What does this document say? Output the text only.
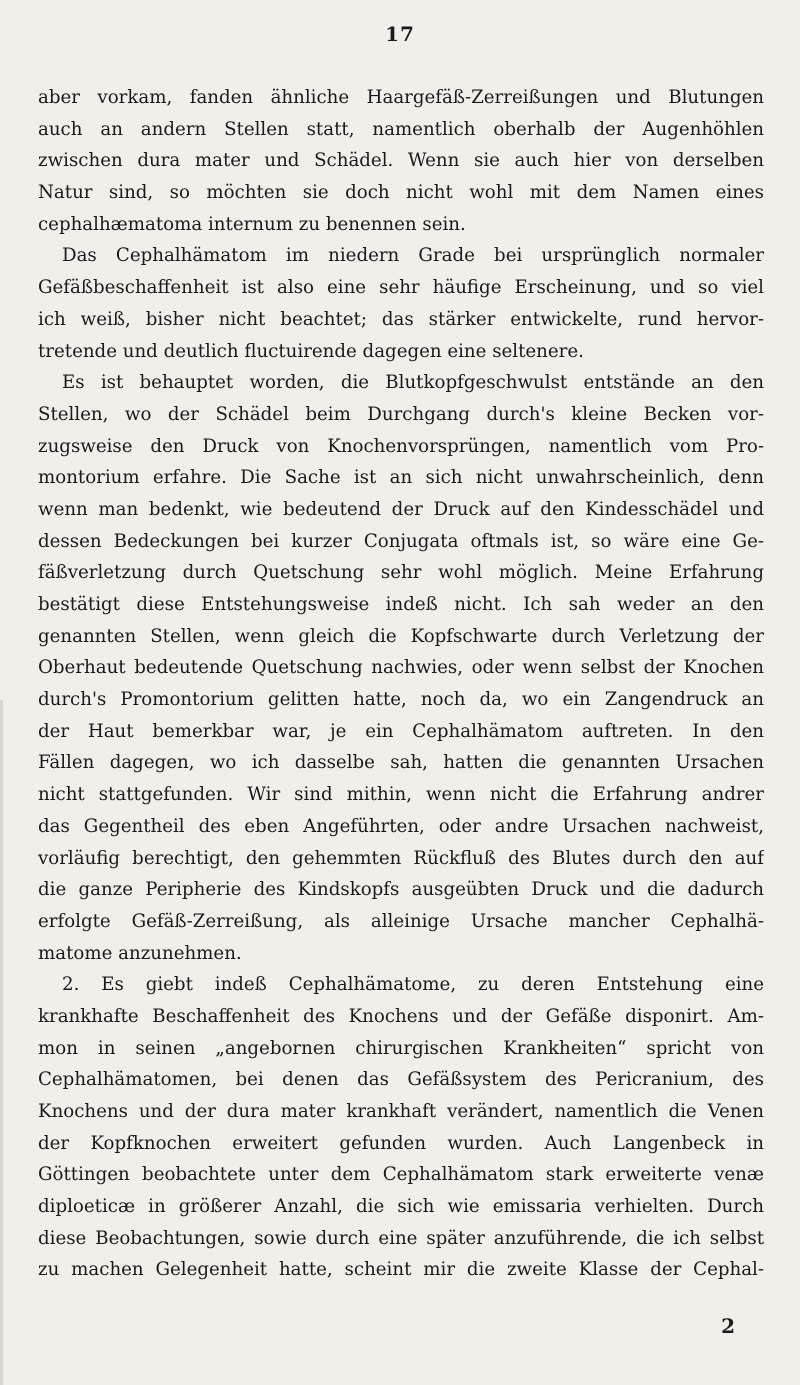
17
aber vorkam, fanden ähnliche Haargefäß-Zerreißungen und Blutungen
auch an andern Stellen statt, namentlich oberhalb der Augenhöhlen
zwischen dura mater und Schädel. Wenn sie auch hier von derselben
Natur sind, so möchten sie doch nicht wohl mit dem Namen eines
cephalhæmatoma internum zu benennen sein.
Das Cephalhämatom im niedern Grade bei ursprünglich normaler
Gefäßbeschaffenheit ist also eine sehr häufige Erscheinung, und so viel
ich weiß, bisher nicht beachtet; das stärker entwickelte, rund hervor-
tretende und deutlich fluctuirende dagegen eine seltenere.
Es ist behauptet worden, die Blutkopfgeschwulst entstände an den
Stellen, wo der Schädel beim Durchgang durch's kleine Becken vor-
zugsweise den Druck von Knochenvorsprüngen, namentlich vom Pro-
montorium erfahre. Die Sache ist an sich nicht unwahrscheinlich, denn
wenn man bedenkt, wie bedeutend der Druck auf den Kindesschädel und
dessen Bedeckungen bei kurzer Conjugata oftmals ist, so wäre eine Ge-
fäßverletzung durch Quetschung sehr wohl möglich. Meine Erfahrung
bestätigt diese Entstehungsweise indeß nicht. Ich sah weder an den
genannten Stellen, wenn gleich die Kopfschwarte durch Verletzung der
Oberhaut bedeutende Quetschung nachwies, oder wenn selbst der Knochen
durch's Promontorium gelitten hatte, noch da, wo ein Zangendruck an
der Haut bemerkbar war, je ein Cephalhämatom auftreten. In den
Fällen dagegen, wo ich dasselbe sah, hatten die genannten Ursachen
nicht stattgefunden. Wir sind mithin, wenn nicht die Erfahrung andrer
das Gegentheil des eben Angeführten, oder andre Ursachen nachweist,
vorläufig berechtigt, den gehemmten Rückfluß des Blutes durch den auf
die ganze Peripherie des Kindskopfs ausgeübten Druck und die dadurch
erfolgte Gefäß-Zerreißung, als alleinige Ursache mancher Cephalhä-
matome anzunehmen.
2. Es giebt indeß Cephalhämatome, zu deren Entstehung eine
krankhafte Beschaffenheit des Knochens und der Gefäße disponirt. Am-
mon in seinen „angebornen chirurgischen Krankheiten“ spricht von
Cephalhämatomen, bei denen das Gefäßsystem des Pericranium, des
Knochens und der dura mater krankhaft verändert, namentlich die Venen
der Kopfknochen erweitert gefunden wurden. Auch Langenbeck in
Göttingen beobachtete unter dem Cephalhämatom stark erweiterte venæ
diploeticæ in größerer Anzahl, die sich wie emissaria verhielten. Durch
diese Beobachtungen, sowie durch eine später anzuführende, die ich selbst
zu machen Gelegenheit hatte, scheint mir die zweite Klasse der Cephal-
2
